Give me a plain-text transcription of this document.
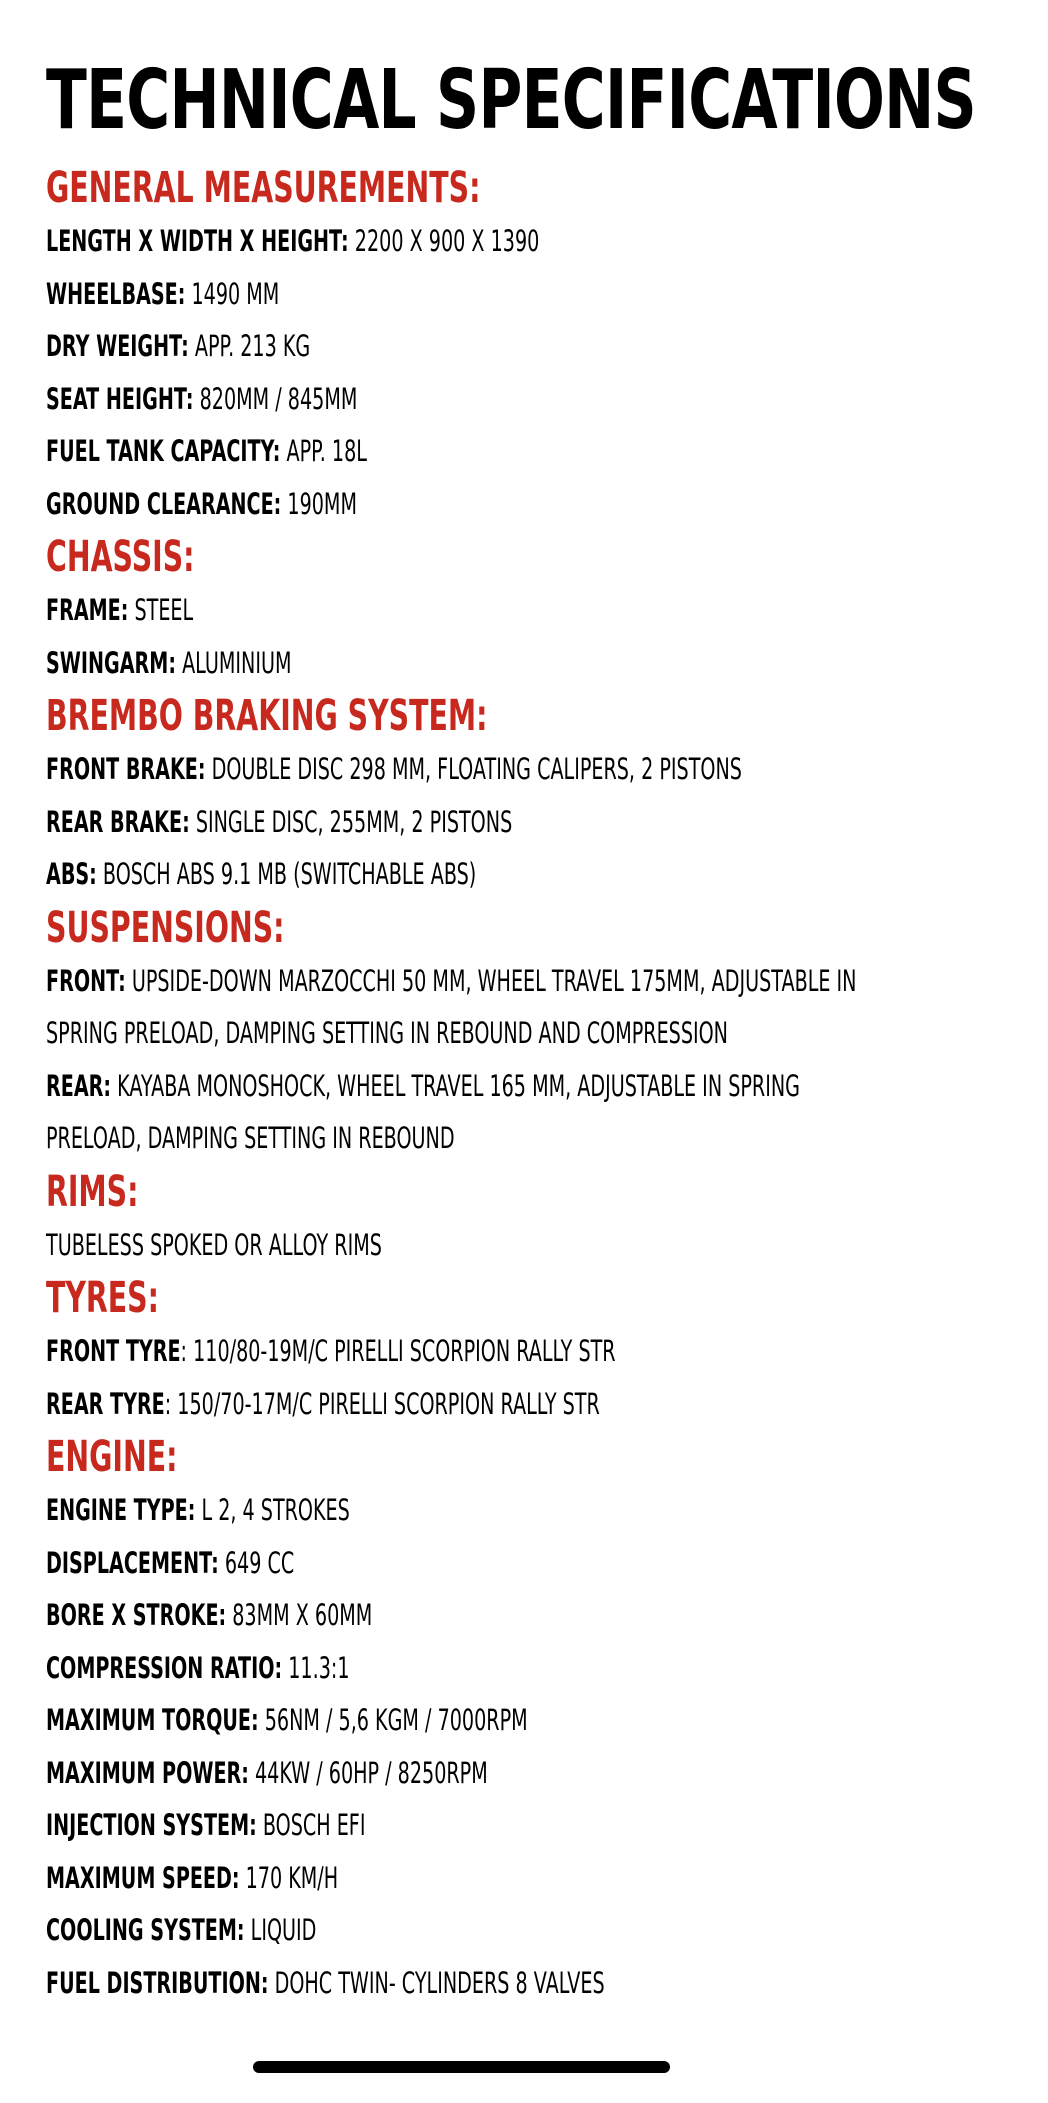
TECHNICAL SPECIFICATIONS
GENERAL MEASUREMENTS:
LENGTH X WIDTH X HEIGHT: 2200 X 900 X 1390
WHEELBASE: 1490 MM
DRY WEIGHT: APP. 213 KG
SEAT HEIGHT: 820MM / 845MM
FUEL TANK CAPACITY: APP. 18L
GROUND CLEARANCE: 190MM
CHASSIS:
FRAME: STEEL
SWINGARM: ALUMINIUM
BREMBO BRAKING SYSTEM:
FRONT BRAKE: DOUBLE DISC 298 MM, FLOATING CALIPERS, 2 PISTONS
REAR BRAKE: SINGLE DISC, 255MM, 2 PISTONS
ABS: BOSCH ABS 9.1 MB (SWITCHABLE ABS)
SUSPENSIONS:
FRONT: UPSIDE-DOWN MARZOCCHI 50 MM, WHEEL TRAVEL 175MM, ADJUSTABLE IN
SPRING PRELOAD, DAMPING SETTING IN REBOUND AND COMPRESSION
REAR: KAYABA MONOSHOCK, WHEEL TRAVEL 165 MM, ADJUSTABLE IN SPRING
PRELOAD, DAMPING SETTING IN REBOUND
RIMS:
TUBELESS SPOKED OR ALLOY RIMS
TYRES:
FRONT TYRE: 110/80-19M/C PIRELLI SCORPION RALLY STR
REAR TYRE: 150/70-17M/C PIRELLI SCORPION RALLY STR
ENGINE:
ENGINE TYPE: L 2, 4 STROKES
DISPLACEMENT: 649 CC
BORE X STROKE: 83MM X 60MM
COMPRESSION RATIO: 11.3:1
MAXIMUM TORQUE: 56NM / 5,6 KGM / 7000RPM
MAXIMUM POWER: 44KW / 60HP / 8250RPM
INJECTION SYSTEM: BOSCH EFI
MAXIMUM SPEED: 170 KM/H
COOLING SYSTEM: LIQUID
FUEL DISTRIBUTION: DOHC TWIN- CYLINDERS 8 VALVES
